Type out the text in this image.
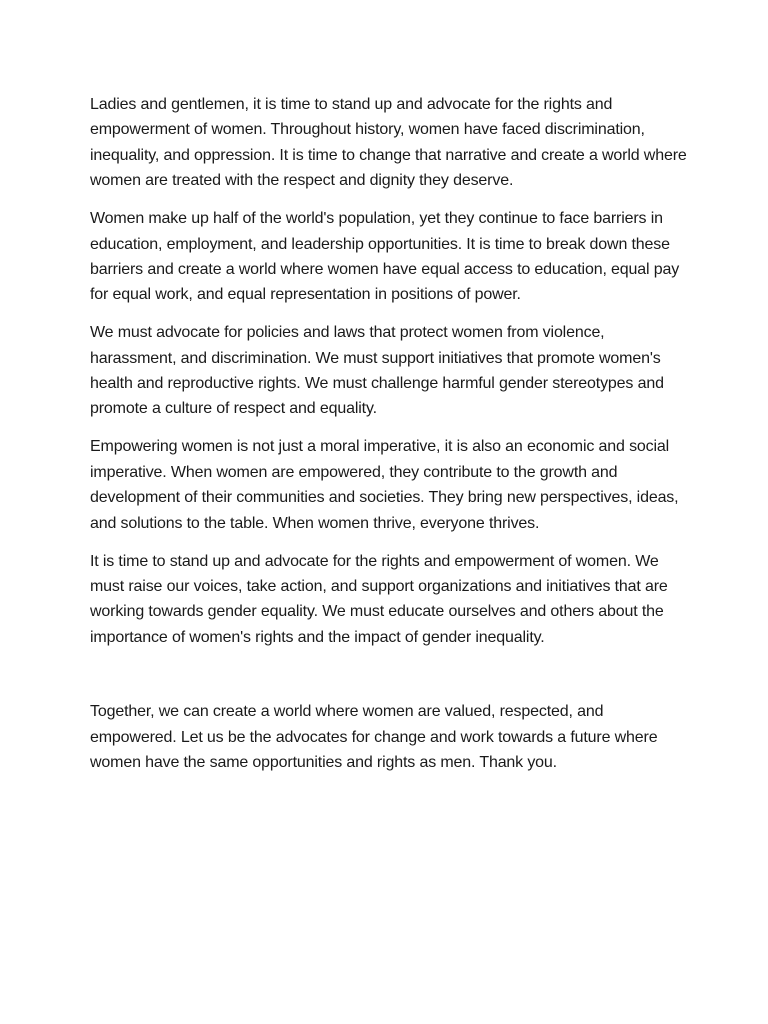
Ladies and gentlemen, it is time to stand up and advocate for the rights and empowerment of women. Throughout history, women have faced discrimination, inequality, and oppression. It is time to change that narrative and create a world where women are treated with the respect and dignity they deserve.

Women make up half of the world's population, yet they continue to face barriers in education, employment, and leadership opportunities. It is time to break down these barriers and create a world where women have equal access to education, equal pay for equal work, and equal representation in positions of power.

We must advocate for policies and laws that protect women from violence, harassment, and discrimination. We must support initiatives that promote women's health and reproductive rights. We must challenge harmful gender stereotypes and promote a culture of respect and equality.

Empowering women is not just a moral imperative, it is also an economic and social imperative. When women are empowered, they contribute to the growth and development of their communities and societies. They bring new perspectives, ideas, and solutions to the table. When women thrive, everyone thrives.

It is time to stand up and advocate for the rights and empowerment of women. We must raise our voices, take action, and support organizations and initiatives that are working towards gender equality. We must educate ourselves and others about the importance of women's rights and the impact of gender inequality.

Together, we can create a world where women are valued, respected, and empowered. Let us be the advocates for change and work towards a future where women have the same opportunities and rights as men. Thank you.
